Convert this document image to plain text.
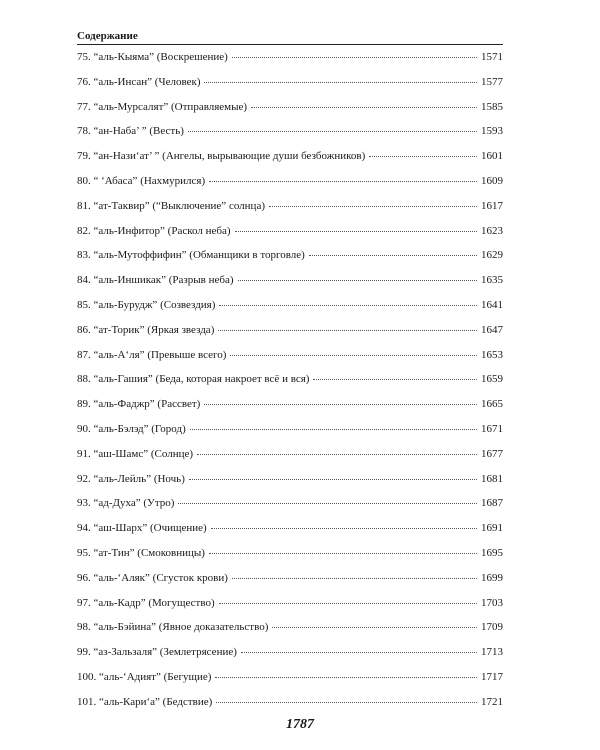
Содержание
75. “аль-Кыяма” (Воскрешение)	1571
76. “аль-Инсан” (Человек)	1577
77. “аль-Мурсалят” (Отправляемые)	1585
78. “ан-Наба’ ” (Весть)	1593
79. “ан-Нази‘ат’ ” (Ангелы, вырывающие души безбожников)	1601
80. “ ‘Абаса” (Нахмурился)	1609
81. “ат-Таквир” (“Выключение” солнца)	1617
82. “аль-Инфитор” (Раскол неба)	1623
83. “аль-Мутоффифин” (Обманщики в торговле)	1629
84. “аль-Иншикак” (Разрыв неба)	1635
85. “аль-Бурудж” (Созвездия)	1641
86. “ат-Торик” (Яркая звезда)	1647
87. “аль-А‘ля” (Превыше всего)	1653
88. “аль-Гашия” (Беда, которая накроет всё и вся)	1659
89. “аль-Фаджр” (Рассвет)	1665
90. “аль-Бэлэд” (Город)	1671
91. “аш-Шамс” (Солнце)	1677
92. “аль-Лейль” (Ночь)	1681
93. “ад-Духа” (Утро)	1687
94. “аш-Шарх” (Очищение)	1691
95. “ат-Тин” (Смоковницы)	1695
96. “аль-‘Аляк” (Сгусток крови)	1699
97. “аль-Кадр” (Могущество)	1703
98. “аль-Бэйина” (Явное доказательство)	1709
99. “аз-Зальзаля” (Землетрясение)	1713
100. “аль-‘Адият” (Бегущие)	1717
101. “аль-Кари‘а” (Бедствие)	1721
1787
